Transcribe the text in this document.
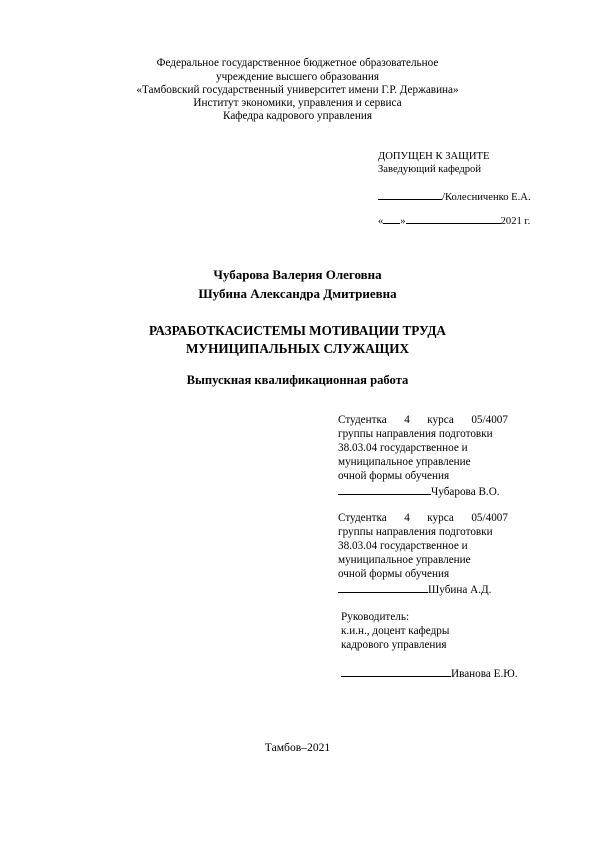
Федеральное государственное бюджетное образовательное
учреждение высшего образования
«Тамбовский государственный университет имени Г.Р. Державина»
Институт экономики, управления и сервиса
Кафедра кадрового управления
ДОПУЩЕН К ЗАЩИТЕ
Заведующий кафедрой
/Колесниченко Е.А.
« »	2021 г.
Чубарова Валерия Олеговна
Шубина Александра Дмитриевна
РАЗРАБОТКАСИСТЕМЫ МОТИВАЦИИ ТРУДА
МУНИЦИПАЛЬНЫХ СЛУЖАЩИХ
Выпускная квалификационная работа
Студентка 4 курса 05/4007
группы направления подготовки
38.03.04 государственное и
муниципальное управление
очной формы обучения
Чубарова В.О.
Студентка 4 курса 05/4007
группы направления подготовки
38.03.04 государственное и
муниципальное управление
очной формы обучения
Шубина А.Д.
Руководитель:
к.и.н., доцент кафедры
кадрового управления
Иванова Е.Ю.
Тамбов–2021
